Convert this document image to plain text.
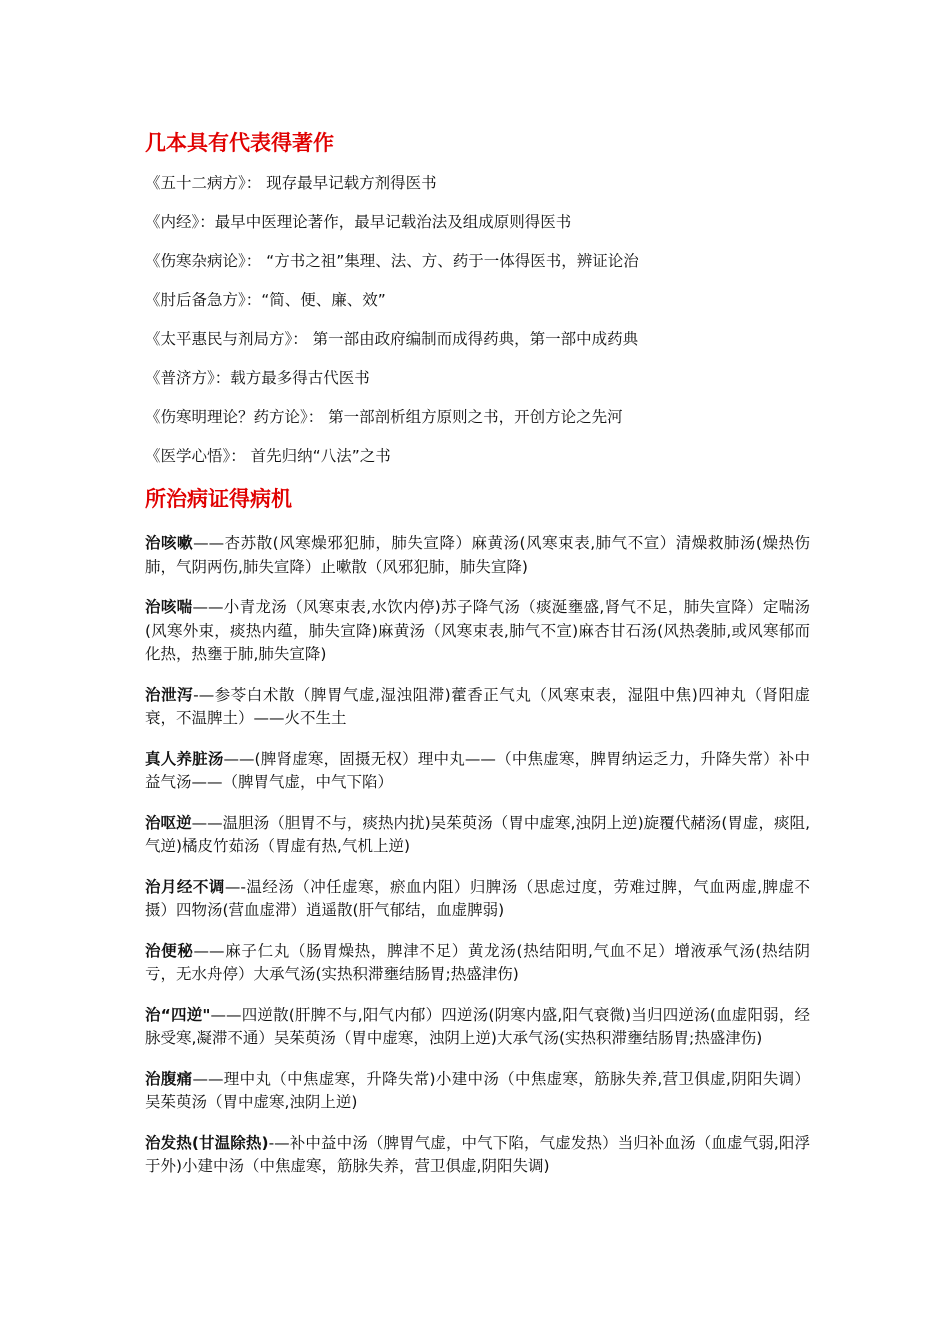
几本具有代表得著作

《五十二病方》： 现存最早记载方剂得医书

《内经》：最早中医理论著作，最早记载治法及组成原则得医书

《伤寒杂病论》： “方书之祖”集理、法、方、药于一体得医书，辨证论治

《肘后备急方》：“简、便、廉、效”

《太平惠民与剂局方》： 第一部由政府编制而成得药典，第一部中成药典

《普济方》：载方最多得古代医书

《伤寒明理论？药方论》： 第一部剖析组方原则之书，开创方论之先河

《医学心悟》： 首先归纳“八法”之书

所治病证得病机

治咳嗽——杏苏散(风寒燥邪犯肺，肺失宣降）麻黄汤(风寒束表,肺气不宣）清燥救肺汤(燥热伤肺，气阴两伤,肺失宣降）止嗽散（风邪犯肺，肺失宣降)

治咳喘——小青龙汤（风寒束表,水饮内停)苏子降气汤（痰涎壅盛,肾气不足，肺失宣降）定喘汤(风寒外束，痰热内蕴，肺失宣降)麻黄汤（风寒束表,肺气不宣)麻杏甘石汤(风热袭肺,或风寒郁而化热，热壅于肺,肺失宣降)

治泄泻-—参苓白术散（脾胃气虚,湿浊阻滞)藿香正气丸（风寒束表，湿阻中焦)四神丸（肾阳虚衰，不温脾土）——火不生土

真人养脏汤——(脾肾虚寒，固摄无权）理中丸——（中焦虚寒，脾胃纳运乏力，升降失常）补中益气汤——（脾胃气虚，中气下陷）

治呕逆——温胆汤（胆胃不与，痰热内扰)吴茱萸汤（胃中虚寒,浊阴上逆)旋覆代赭汤(胃虚，痰阻,气逆)橘皮竹茹汤（胃虚有热,气机上逆)

治月经不调—-温经汤（冲任虚寒，瘀血内阻）归脾汤（思虑过度，劳难过脾，气血两虚,脾虚不摄）四物汤(营血虚滞）逍遥散(肝气郁结，血虚脾弱)

治便秘——麻子仁丸（肠胃燥热，脾津不足）黄龙汤(热结阳明,气血不足）增液承气汤(热结阴亏，无水舟停）大承气汤(实热积滞壅结肠胃;热盛津伤)

治“四逆"——四逆散(肝脾不与,阳气内郁）四逆汤(阴寒内盛,阳气衰微)当归四逆汤(血虚阳弱，经脉受寒,凝滞不通）吴茱萸汤（胃中虚寒，浊阴上逆)大承气汤(实热积滞壅结肠胃;热盛津伤)

治腹痛——理中丸（中焦虚寒，升降失常)小建中汤（中焦虚寒，筋脉失养,营卫俱虚,阴阳失调）吴茱萸汤（胃中虚寒,浊阴上逆)

治发热(甘温除热)-—补中益中汤（脾胃气虚，中气下陷，气虚发热）当归补血汤（血虚气弱,阳浮于外)小建中汤（中焦虚寒，筋脉失养，营卫俱虚,阴阳失调)
